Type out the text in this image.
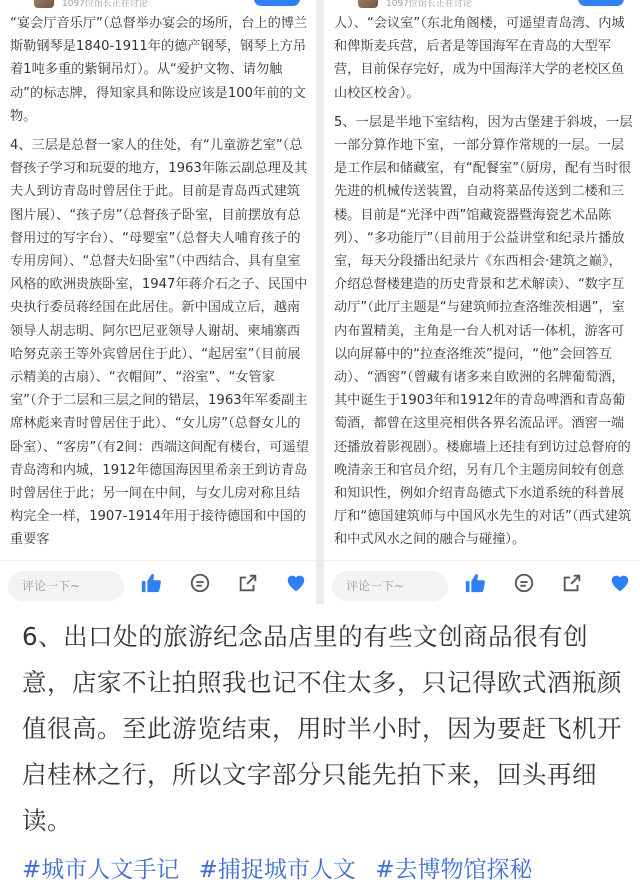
1097位馆长正在讨论

“宴会厅音乐厅”（总督举办宴会的场所，台上的博兰斯勒钢琴是1840-1911年的德产钢琴，钢琴上方吊着1吨多重的紫铜吊灯）。从“爱护文物、请勿触动”的标志牌，得知家具和陈设应该是100年前的文物。

4、三层是总督一家人的住处，有“儿童游艺室”（总督孩子学习和玩耍的地方，1963年陈云副总理及其夫人到访青岛时曾居住于此。目前是青岛西式建筑图片展）、“孩子房”（总督孩子卧室，目前摆放有总督用过的写字台）、“母婴室”（总督夫人哺育孩子的专用房间）、“总督夫妇卧室”（中西结合、具有皇室风格的欧洲贵族卧室，1947年蒋介石之子、民国中央执行委员蒋经国在此居住。新中国成立后，越南领导人胡志明、阿尔巴尼亚领导人谢胡、柬埔寨西哈努克亲王等外宾曾居住于此）、“起居室”（目前展示精美的古扇）、“衣帽间”、“浴室”、“女管家室”（介于二层和三层之间的错层，1963年军委副主席林彪来青时曾居住于此）、“女儿房”（总督女儿的卧室）、“客房”（有2间：西端这间配有楼台，可遥望青岛湾和内城，1912年德国海因里希亲王到访青岛时曾居住于此；另一间在中间，与女儿房对称且结构完全一样，1907-1914年用于接待德国和中国的重要客

评论一下~
1097位馆长正在讨论

人）、“会议室”（东北角阁楼，可遥望青岛湾、内城和俾斯麦兵营，后者是等国海军在青岛的大型军营，目前保存完好，成为中国海洋大学的老校区鱼山校区校舍）。

5、一层是半地下室结构，因为古堡建于斜坡，一层一部分算作地下室，一部分算作常规的一层。一层是工作层和储藏室，有“配餐室”（厨房，配有当时很先进的机械传送装置，自动将菜品传送到二楼和三楼。目前是“光泽中西”馆藏瓷器暨海瓷艺术品陈列）、“多功能厅”（目前用于公益讲堂和纪录片播放室，每天分段播出纪录片《东西相会·建筑之巅》，介绍总督楼建造的历史背景和艺术解读）、“数字互动厅”（此厅主题是“与建筑师拉查洛维茨相遇”，室内布置精美，主角是一台人机对话一体机，游客可以向屏幕中的“拉查洛维茨”提问，“他”会回答互动）、“酒窖”（曾藏有诸多来自欧洲的名牌葡萄酒，其中诞生于1903年和1912年的青岛啤酒和青岛葡萄酒，都曾在这里亮相供各界名流品评。酒窖一端还播放着影视剧）。楼廊墙上还挂有到访过总督府的晚清亲王和官员介绍，另有几个主题房间较有创意和知识性，例如介绍青岛德式下水道系统的科普展厅和“德国建筑师与中国风水先生的对话”（西式建筑和中式风水之间的融合与碰撞）。

评论一下~
6、出口处的旅游纪念品店里的有些文创商品很有创意，店家不让拍照我也记不住太多，只记得欧式酒瓶颜值很高。至此游览结束，用时半小时，因为要赶飞机开启桂林之行，所以文字部分只能先拍下来，回头再细读。
#城市人文手记 #捕捉城市人文 #去博物馆探秘
